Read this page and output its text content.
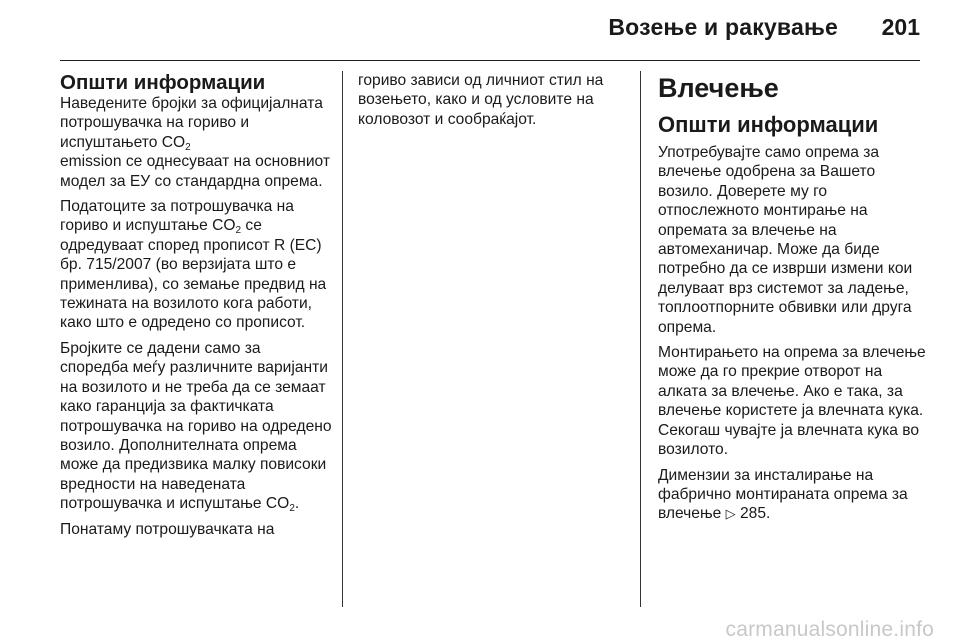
Возење и ракување 201
Општи информации

Наведените бројки за официјалната потрошувачка на гориво и испуштањето $CO_2$
emission се однесуваат на основниот модел за ЕУ со стандардна опрема.

Податоците за потрошувачка на гориво и испуштање $CO_2$ се одредуваат според прописот R (EC) бр. 715/2007 (во верзијата што е применлива), со земање предвид на тежината на возилото кога работи, како што е одредено со прописот.

Бројките се дадени само за споредба меѓу различните варијанти на возилото и не треба да се земаат како гаранција за фактичката потрошувачка на гориво на одредено возило. Дополнителната опрема може да предизвика малку повисоки вредности на наведената потрошувачка и испуштање $CO_2$.

Понатаму потрошувачката на

гориво зависи од личниот стил на возењето, како и од условите на коловозот и сообраќајот.

Влечење
Општи информации

Употребувајте само опрема за влечење одобрена за Вашето возило. Доверете му го отпослежното монтирање на опремата за влечење на автомеханичар. Може да биде потребно да се изврши измени кои делуваат врз системот за ладење, топлоотпорните обвивки или друга опрема.

Монтирањето на опрема за влечење може да го прекрие отворот на алката за влечење. Ако е така, за влечење користете ја влечната кука. Секогаш чувајте ја влечната кука во возилото.

Димензии за инсталирање на фабрично монтираната опрема за влечење ▷ 285.

carmanualsonline.info
